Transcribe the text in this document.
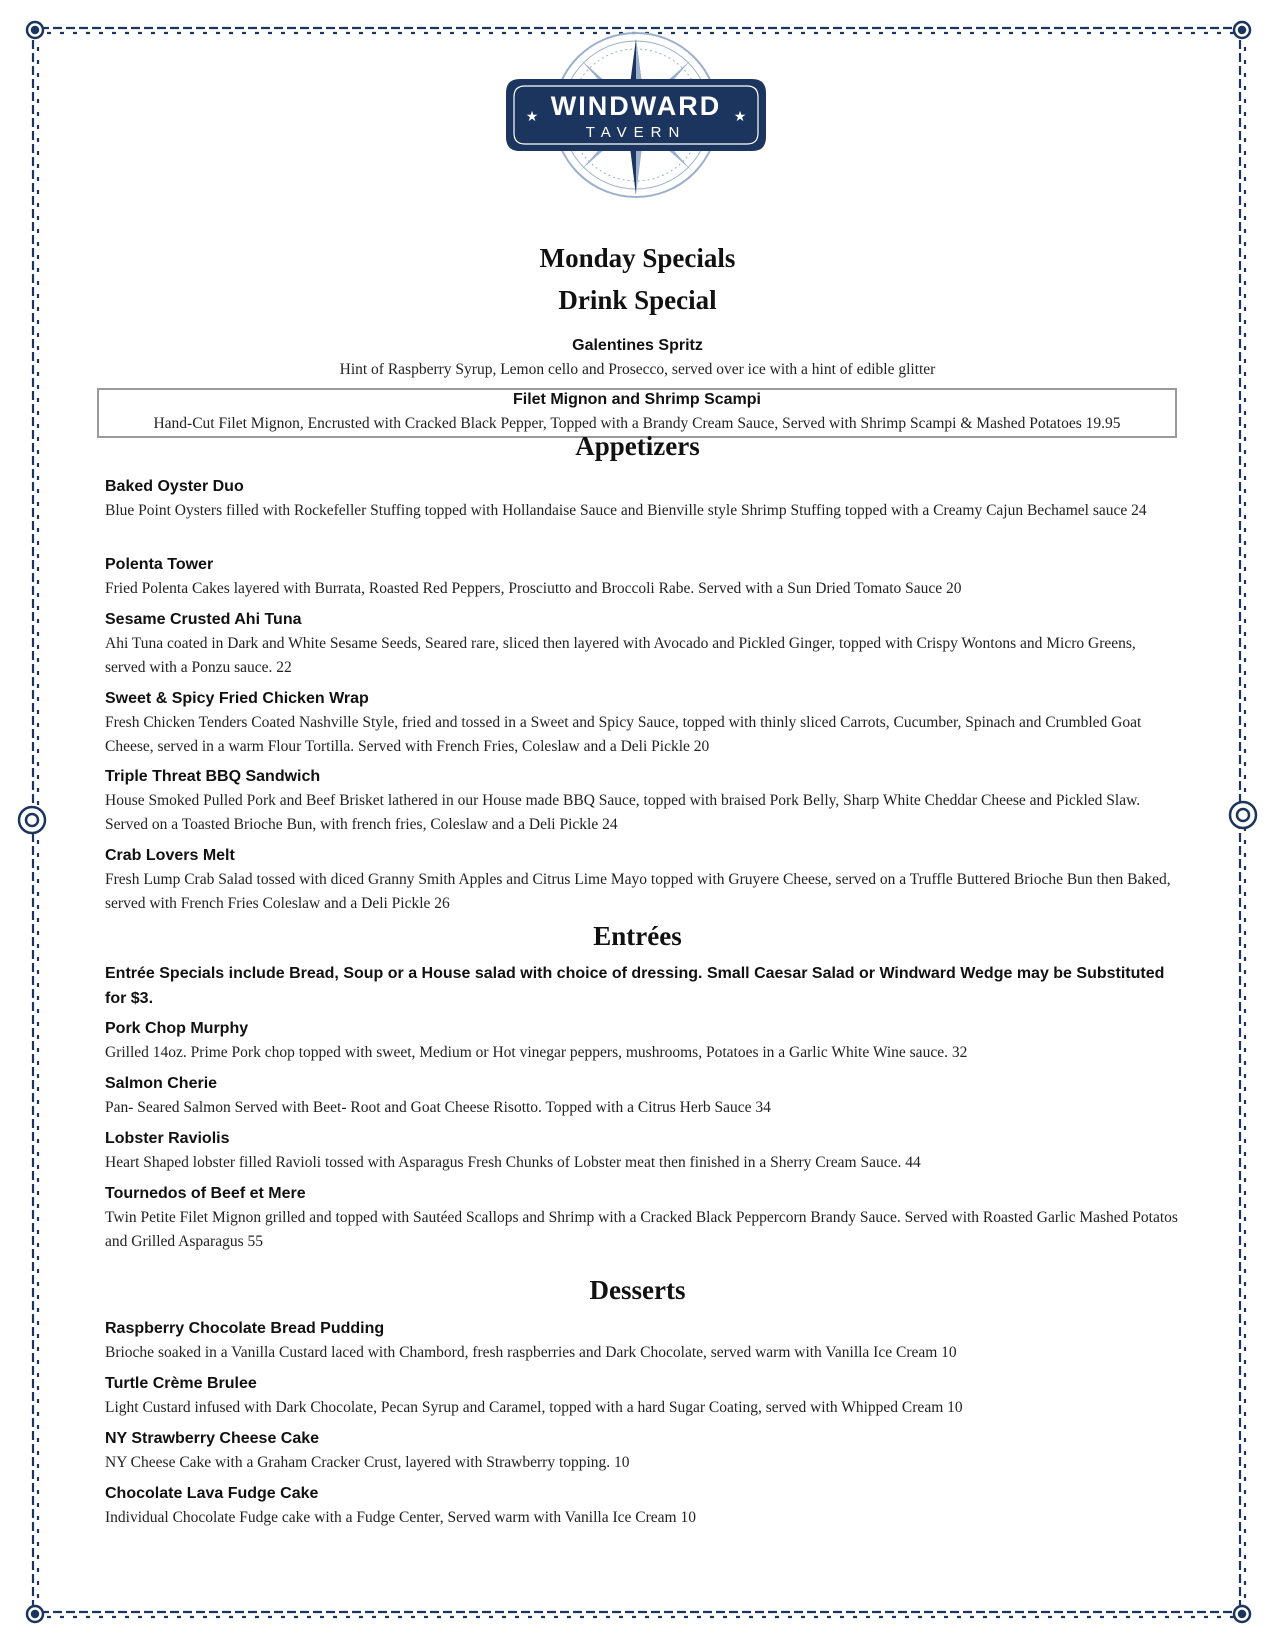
★	★
WINDWARD
TAVERN
Monday Specials
Drink Special
Galentines Spritz
Hint of Raspberry Syrup, Lemon cello and Prosecco, served over ice with a hint of edible glitter
Filet Mignon and Shrimp Scampi
Hand-Cut Filet Mignon, Encrusted with Cracked Black Pepper, Topped with a Brandy Cream Sauce, Served with Shrimp Scampi & Mashed Potatoes 19.95
Appetizers
Baked Oyster Duo
Blue Point Oysters filled with Rockefeller Stuffing topped with Hollandaise Sauce and Bienville style Shrimp Stuffing topped with a Creamy Cajun Bechamel sauce 24
Polenta Tower
Fried Polenta Cakes layered with Burrata, Roasted Red Peppers, Prosciutto and Broccoli Rabe. Served with a Sun Dried Tomato Sauce 20
Sesame Crusted Ahi Tuna
Ahi Tuna coated in Dark and White Sesame Seeds, Seared rare, sliced then layered with Avocado and Pickled Ginger, topped with Crispy Wontons and Micro Greens, served with a Ponzu sauce. 22
Sweet & Spicy Fried Chicken Wrap
Fresh Chicken Tenders Coated Nashville Style, fried and tossed in a Sweet and Spicy Sauce, topped with thinly sliced Carrots, Cucumber, Spinach and Crumbled Goat Cheese, served in a warm Flour Tortilla. Served with French Fries, Coleslaw and a Deli Pickle 20
Triple Threat BBQ Sandwich
House Smoked Pulled Pork and Beef Brisket lathered in our House made BBQ Sauce, topped with braised Pork Belly, Sharp White Cheddar Cheese and Pickled Slaw. Served on a Toasted Brioche Bun, with french fries, Coleslaw and a Deli Pickle 24
Crab Lovers Melt
Fresh Lump Crab Salad tossed with diced Granny Smith Apples and Citrus Lime Mayo topped with Gruyere Cheese, served on a Truffle Buttered Brioche Bun then Baked, served with French Fries Coleslaw and a Deli Pickle 26
Entrées
Entrée Specials include Bread, Soup or a House salad with choice of dressing. Small Caesar Salad or Windward Wedge may be Substituted for $3.
Pork Chop Murphy
Grilled 14oz. Prime Pork chop topped with sweet, Medium or Hot vinegar peppers, mushrooms, Potatoes in a Garlic White Wine sauce. 32
Salmon Cherie
Pan- Seared Salmon Served with Beet- Root and Goat Cheese Risotto. Topped with a Citrus Herb Sauce 34
Lobster Raviolis
Heart Shaped lobster filled Ravioli tossed with Asparagus Fresh Chunks of Lobster meat then finished in a Sherry Cream Sauce. 44
Tournedos of Beef et Mere
Twin Petite Filet Mignon grilled and topped with Sautéed Scallops and Shrimp with a Cracked Black Peppercorn Brandy Sauce. Served with Roasted Garlic Mashed Potatos and Grilled Asparagus 55
Desserts
Raspberry Chocolate Bread Pudding
Brioche soaked in a Vanilla Custard laced with Chambord, fresh raspberries and Dark Chocolate, served warm with Vanilla Ice Cream 10
Turtle Crème Brulee
Light Custard infused with Dark Chocolate, Pecan Syrup and Caramel, topped with a hard Sugar Coating, served with Whipped Cream 10
NY Strawberry Cheese Cake
NY Cheese Cake with a Graham Cracker Crust, layered with Strawberry topping. 10
Chocolate Lava Fudge Cake
Individual Chocolate Fudge cake with a Fudge Center, Served warm with Vanilla Ice Cream 10
